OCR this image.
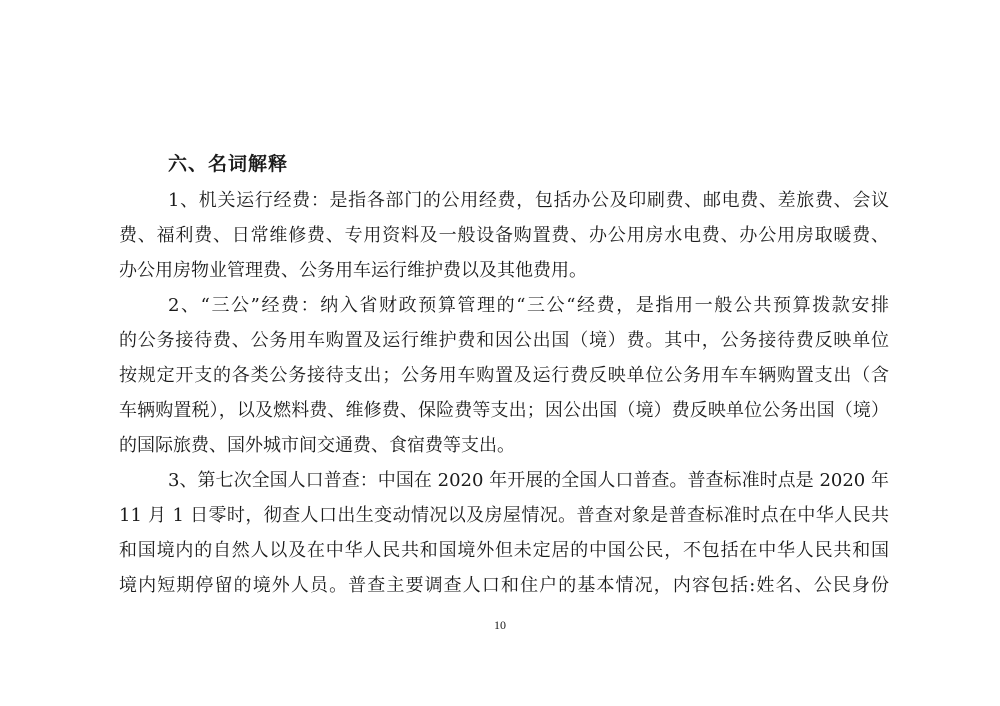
六、名词解释
1、机关运行经费：是指各部门的公用经费，包括办公及印刷费、邮电费、差旅费、会议
费、福利费、日常维修费、专用资料及一般设备购置费、办公用房水电费、办公用房取暖费、
办公用房物业管理费、公务用车运行维护费以及其他费用。
2、“三公”经费：纳入省财政预算管理的“三公“经费，是指用一般公共预算拨款安排
的公务接待费、公务用车购置及运行维护费和因公出国（境）费。其中，公务接待费反映单位
按规定开支的各类公务接待支出；公务用车购置及运行费反映单位公务用车车辆购置支出（含
车辆购置税），以及燃料费、维修费、保险费等支出；因公出国（境）费反映单位公务出国（境）
的国际旅费、国外城市间交通费、食宿费等支出。
3、第七次全国人口普查：中国在 2020 年开展的全国人口普查。普查标准时点是 2020 年
11 月 1 日零时，彻查人口出生变动情况以及房屋情况。普查对象是普查标准时点在中华人民共
和国境内的自然人以及在中华人民共和国境外但未定居的中国公民，不包括在中华人民共和国
境内短期停留的境外人员。普查主要调查人口和住户的基本情况，内容包括:姓名、公民身份
10
